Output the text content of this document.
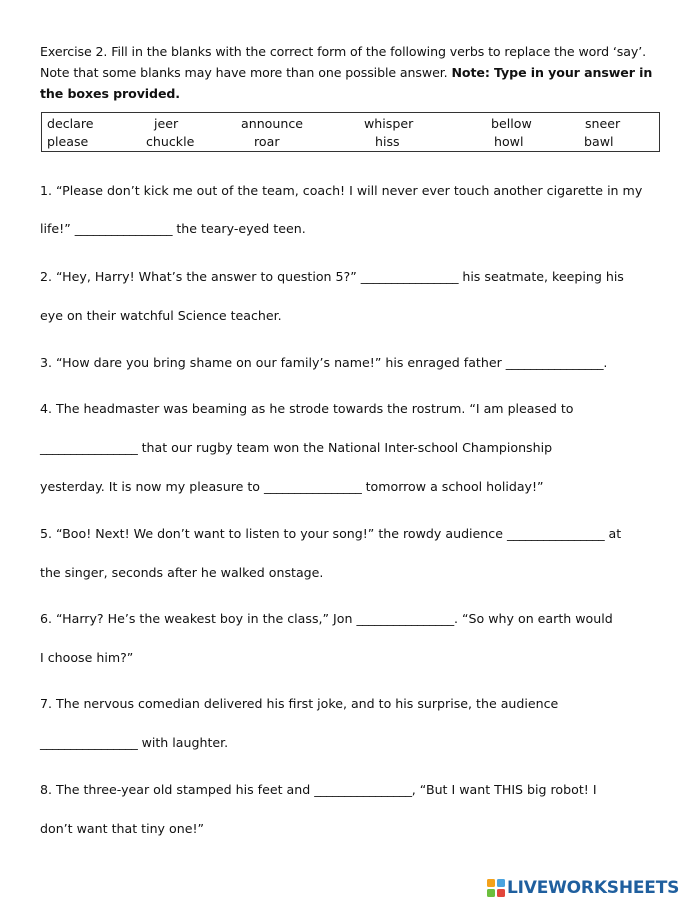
Exercise 2. Fill in the blanks with the correct form of the following verbs to replace the word ‘say’. Note that some blanks may have more than one possible answer. Note: Type in your answer in the boxes provided.
declare	jeer	announce	whisper	bellow	sneer
please	chuckle	roar	hiss	howl	bawl
1. “Please don’t kick me out of the team, coach! I will never ever touch another cigarette in my
life!” ________________ the teary-eyed teen.
2. “Hey, Harry! What’s the answer to question 5?” ________________ his seatmate, keeping his
eye on their watchful Science teacher.
3. “How dare you bring shame on our family’s name!” his enraged father ________________.
4. The headmaster was beaming as he strode towards the rostrum. “I am pleased to
________________ that our rugby team won the National Inter-school Championship
yesterday. It is now my pleasure to ________________ tomorrow a school holiday!”
5. “Boo! Next! We don’t want to listen to your song!” the rowdy audience ________________ at
the singer, seconds after he walked onstage.
6. “Harry? He’s the weakest boy in the class,” Jon ________________. “So why on earth would
I choose him?”
7. The nervous comedian delivered his first joke, and to his surprise, the audience
________________ with laughter.
8. The three-year old stamped his feet and ________________, “But I want THIS big robot! I
don’t want that tiny one!”
LIVEWORKSHEETS
